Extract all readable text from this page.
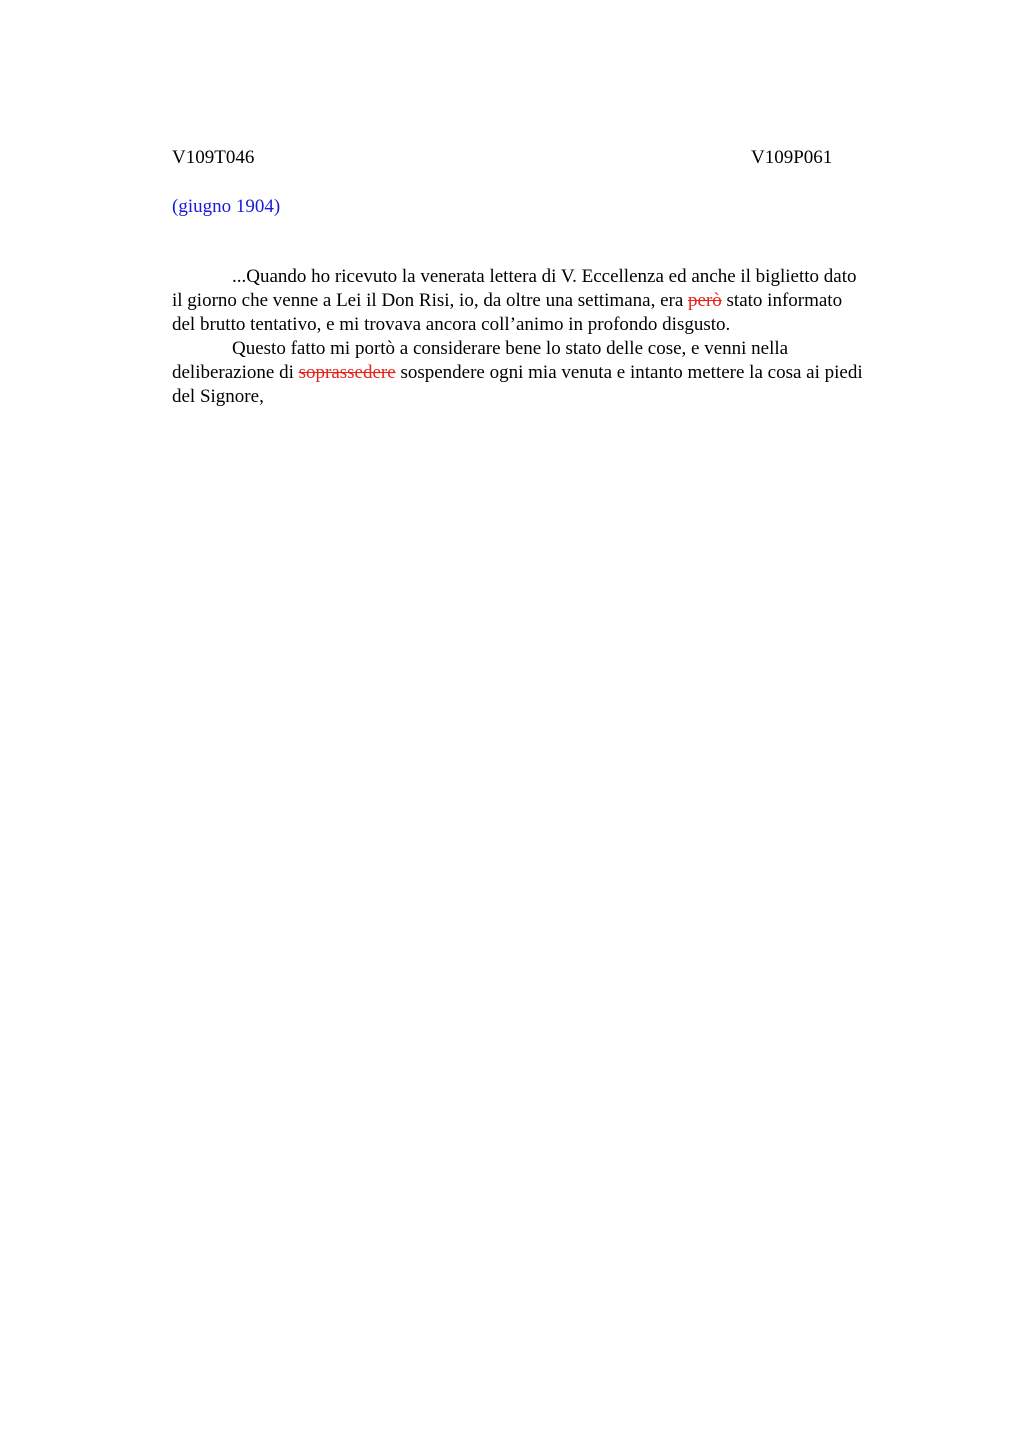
V109T046	V109P061
(giugno 1904)
...Quando ho ricevuto la venerata lettera di V. Eccellenza ed anche il biglietto dato
il giorno che venne a Lei il Don Risi, io, da oltre una settimana, era però stato informato
del brutto tentativo, e mi trovava ancora coll’animo in profondo disgusto.
Questo fatto mi portò a considerare bene lo stato delle cose, e venni nella
deliberazione di soprassedere sospendere ogni mia venuta e intanto mettere la cosa ai piedi
del Signore,
